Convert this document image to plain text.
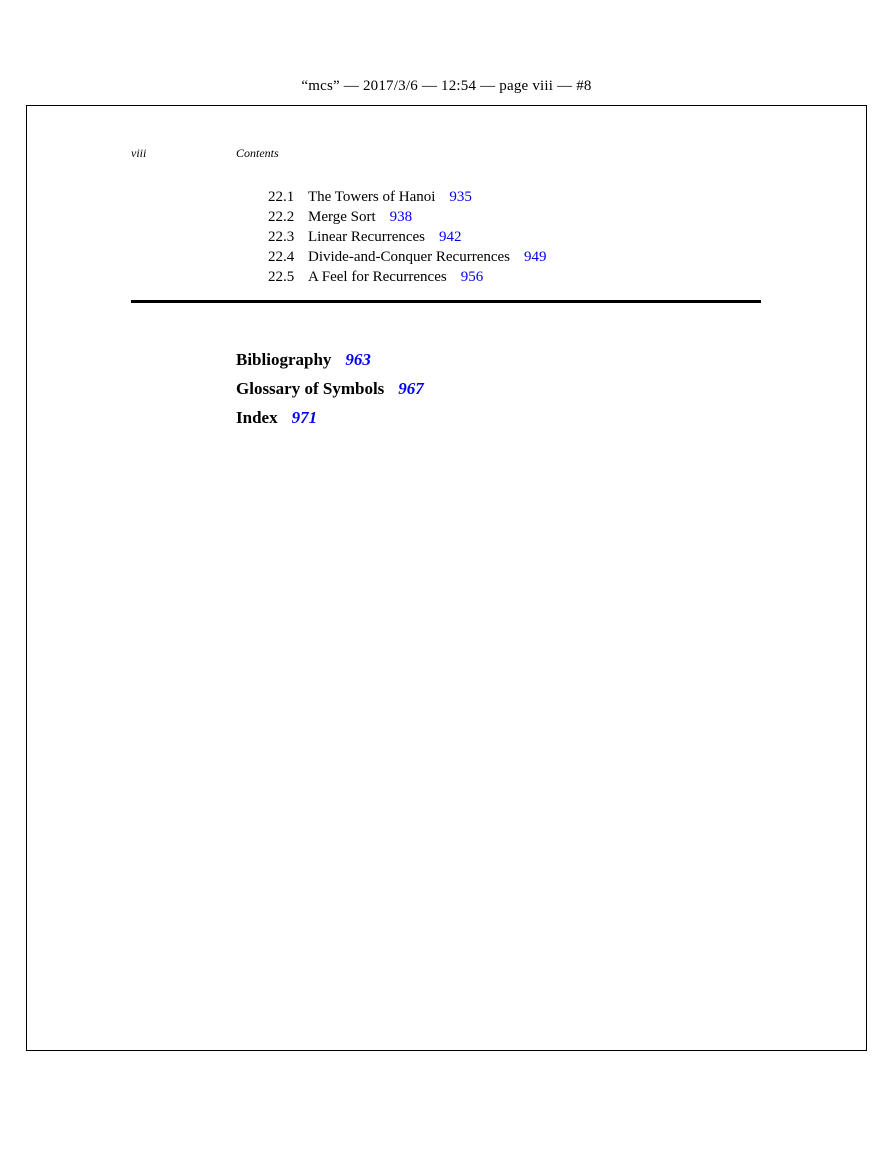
“mcs” — 2017/3/6 — 12:54 — page viii — #8
viii	Contents
22.1 The Towers of Hanoi 935
22.2 Merge Sort 938
22.3 Linear Recurrences 942
22.4 Divide-and-Conquer Recurrences 949
22.5 A Feel for Recurrences 956
Bibliography 963
Glossary of Symbols 967
Index 971
